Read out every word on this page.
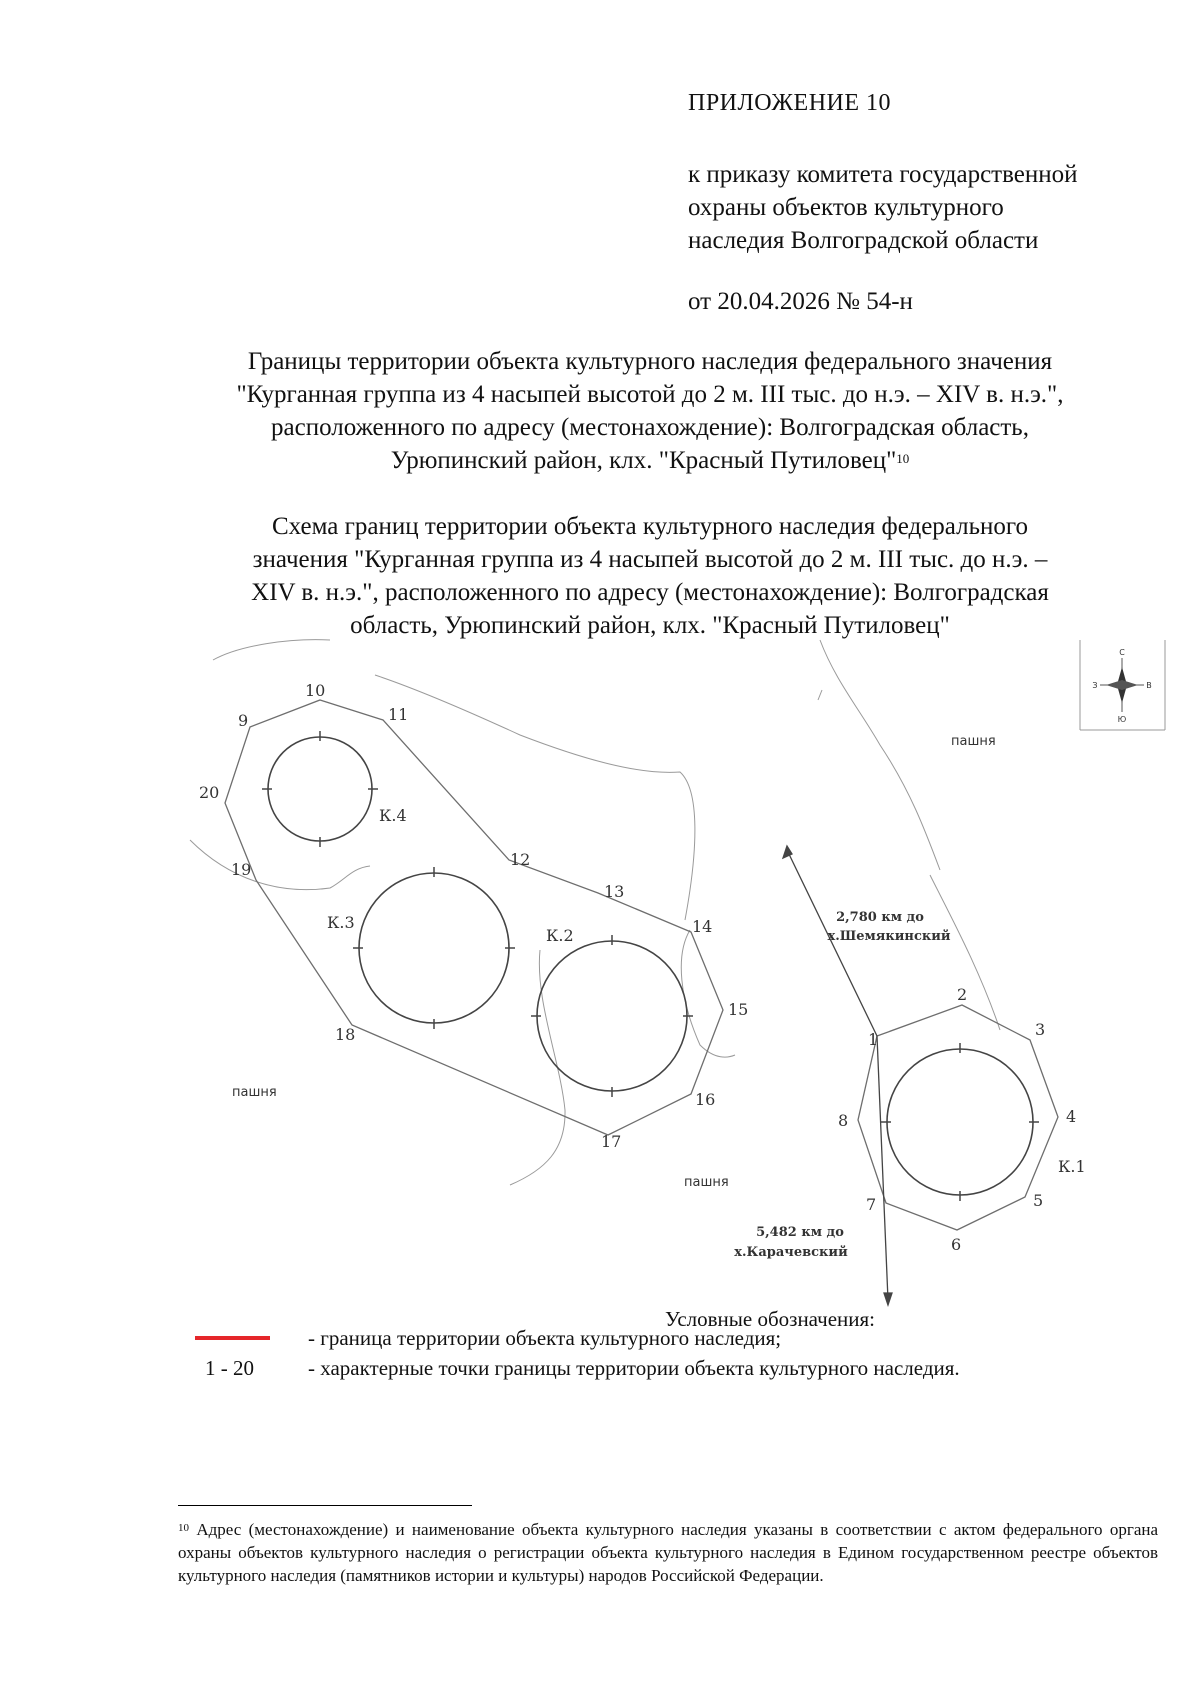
ПРИЛОЖЕНИЕ 10
к приказу комитета государственной
охраны объектов культурного
наследия Волгоградской области
от 20.04.2026 № 54-н
Границы территории объекта культурного наследия федерального значения
"Курганная группа из 4 насыпей высотой до 2 м. III тыс. до н.э. – XIV в. н.э.",
расположенного по адресу (местонахождение): Волгоградская область,
Урюпинский район, клх. "Красный Путиловец"$^{10}$
Схема границ территории объекта культурного наследия федерального
значения "Курганная группа из 4 насыпей высотой до 2 м. III тыс. до н.э. –
XIV в. н.э.", расположенного по адресу (местонахождение): Волгоградская
область, Урюпинский район, клх. "Красный Путиловец"
1
2
3
4
5
6
7
8
9
10
11
12
13
14
15
16
17
18
19
20
К.4
К.3
К.2
К.1
пашня
пашня
пашня
2,780 км до
х.Шемякинский
5,482 км до
х.Карачевский
С
Ю
З	В
Условные обозначения:
- граница территории объекта культурного наследия;
1 - 20	- характерные точки границы территории объекта культурного наследия.
$^{10}$ Адрес (местонахождение) и наименование объекта культурного наследия указаны в соответствии с актом федерального органа охраны объектов культурного наследия о регистрации объекта культурного наследия в Едином государственном реестре объектов культурного наследия (памятников истории и культуры) народов Российской Федерации.
